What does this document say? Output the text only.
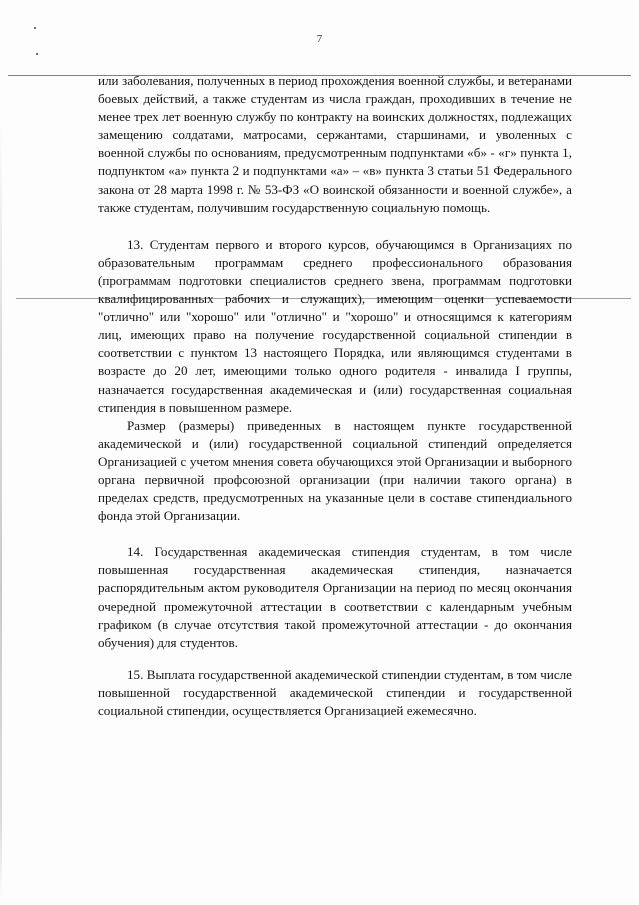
7

или заболевания, полученных в период прохождения военной службы, и ветеранами боевых действий, а также студентам из числа граждан, проходивших в течение не менее трех лет военную службу по контракту на воинских должностях, подлежащих замещению солдатами, матросами, сержантами, старшинами, и уволенных с военной службы по основаниям, предусмотренным подпунктами «б» - «г» пункта 1, подпунктом «а» пункта 2 и подпунктами «а» – «в» пункта 3 статьи 51 Федерального закона от 28 марта 1998 г. № 53-ФЗ «О воинской обязанности и военной службе», а также студентам, получившим государственную социальную помощь.

13. Студентам первого и второго курсов, обучающимся в Организациях по образовательным программам среднего профессионального образования (программам подготовки специалистов среднего звена, программам подготовки квалифицированных рабочих и служащих), имеющим оценки успеваемости "отлично" или "хорошо" или "отлично" и "хорошо" и относящимся к категориям лиц, имеющих право на получение государственной социальной стипендии в соответствии с пунктом 13 настоящего Порядка, или являющимся студентами в возрасте до 20 лет, имеющими только одного родителя - инвалида I группы, назначается государственная академическая и (или) государственная социальная стипендия в повышенном размере.

Размер (размеры) приведенных в настоящем пункте государственной академической и (или) государственной социальной стипендий определяется Организацией с учетом мнения совета обучающихся этой Организации и выборного органа первичной профсоюзной организации (при наличии такого органа) в пределах средств, предусмотренных на указанные цели в составе стипендиального фонда этой Организации.

14. Государственная академическая стипендия студентам, в том числе повышенная государственная академическая стипендия, назначается распорядительным актом руководителя Организации на период по месяц окончания очередной промежуточной аттестации в соответствии с календарным учебным графиком (в случае отсутствия такой промежуточной аттестации - до окончания обучения) для студентов.

15. Выплата государственной академической стипендии студентам, в том числе повышенной государственной академической стипендии и государственной социальной стипендии, осуществляется Организацией ежемесячно.
